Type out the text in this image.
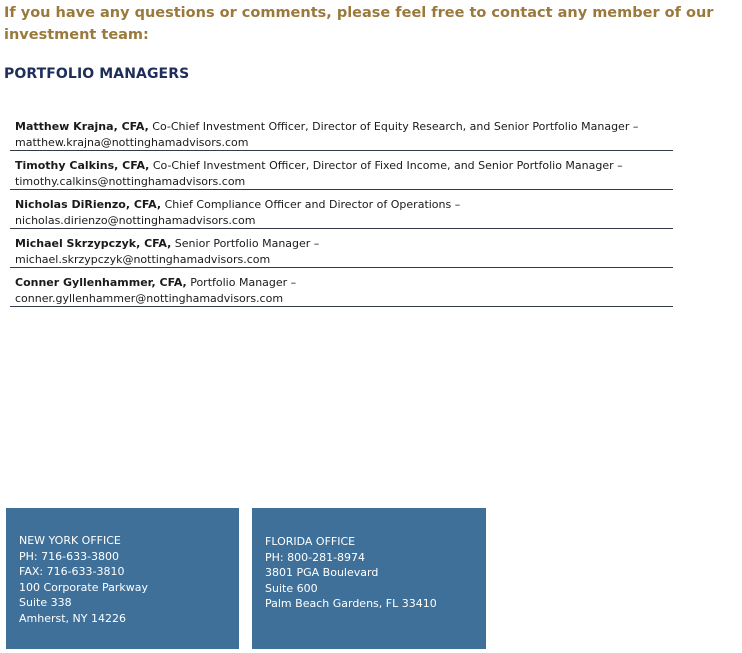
If you have any questions or comments, please feel free to contact any member of our investment team:
PORTFOLIO MANAGERS
Matthew Krajna, CFA, Co-Chief Investment Officer, Director of Equity Research, and Senior Portfolio Manager –
matthew.krajna@nottinghamadvisors.com
Timothy Calkins, CFA, Co-Chief Investment Officer, Director of Fixed Income, and Senior Portfolio Manager – timothy.calkins@nottinghamadvisors.com
Nicholas DiRienzo, CFA, Chief Compliance Officer and Director of Operations –
nicholas.dirienzo@nottinghamadvisors.com
Michael Skrzypczyk, CFA, Senior Portfolio Manager –
michael.skrzypczyk@nottinghamadvisors.com
Conner Gyllenhammer, CFA, Portfolio Manager –
conner.gyllenhammer@nottinghamadvisors.com
NEW YORK OFFICE
PH: 716-633-3800
FAX: 716-633-3810
100 Corporate Parkway
Suite 338
Amherst, NY 14226
FLORIDA OFFICE
PH: 800-281-8974
3801 PGA Boulevard
Suite 600
Palm Beach Gardens, FL 33410
